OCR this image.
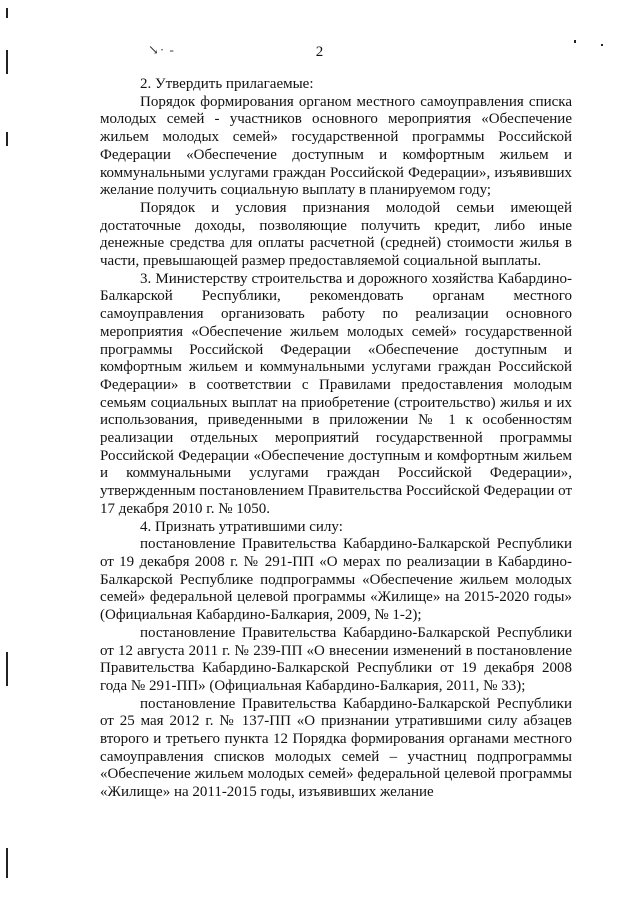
↘· ‐	2

2. Утвердить прилагаемые:

Порядок формирования органом местного самоуправления списка молодых семей - участников основного мероприятия «Обеспечение жильем молодых семей» государственной программы Российской Федерации «Обеспечение доступным и комфортным жильем и коммунальными услугами граждан Российской Федерации», изъявивших желание получить социальную выплату в планируемом году;

Порядок и условия признания молодой семьи имеющей достаточные доходы, позволяющие получить кредит, либо иные денежные средства для оплаты расчетной (средней) стоимости жилья в части, превышающей размер предоставляемой социальной выплаты.

3. Министерству строительства и дорожного хозяйства Кабардино-Балкарской Республики, рекомендовать органам местного самоуправления организовать работу по реализации основного мероприятия «Обеспечение жильем молодых семей» государственной программы Российской Федерации «Обеспечение доступным и комфортным жильем и коммунальными услугами граждан Российской Федерации» в соответствии с Правилами предоставления молодым семьям социальных выплат на приобретение (строительство) жилья и их использования, приведенными в приложении № 1 к особенностям реализации отдельных мероприятий государственной программы Российской Федерации «Обеспечение доступным и комфортным жильем и коммунальными услугами граждан Российской Федерации», утвержденным постановлением Правительства Российской Федерации от 17 декабря 2010 г. № 1050.

4. Признать утратившими силу:

постановление Правительства Кабардино-Балкарской Республики от 19 декабря 2008 г. № 291-ПП «О мерах по реализации в Кабардино-Балкарской Республике подпрограммы «Обеспечение жильем молодых семей» федеральной целевой программы «Жилище» на 2015-2020 годы» (Официальная Кабардино-Балкария, 2009, № 1-2);

постановление Правительства Кабардино-Балкарской Республики от 12 августа 2011 г. № 239-ПП «О внесении изменений в постановление Правительства Кабардино-Балкарской Республики от 19 декабря 2008 года № 291-ПП» (Официальная Кабардино-Балкария, 2011, № 33);

постановление Правительства Кабардино-Балкарской Республики от 25 мая 2012 г. № 137-ПП «О признании утратившими силу абзацев второго и третьего пункта 12 Порядка формирования органами местного самоуправления списков молодых семей – участниц подпрограммы «Обеспечение жильем молодых семей» федеральной целевой программы «Жилище» на 2011-2015 годы, изъявивших желание
